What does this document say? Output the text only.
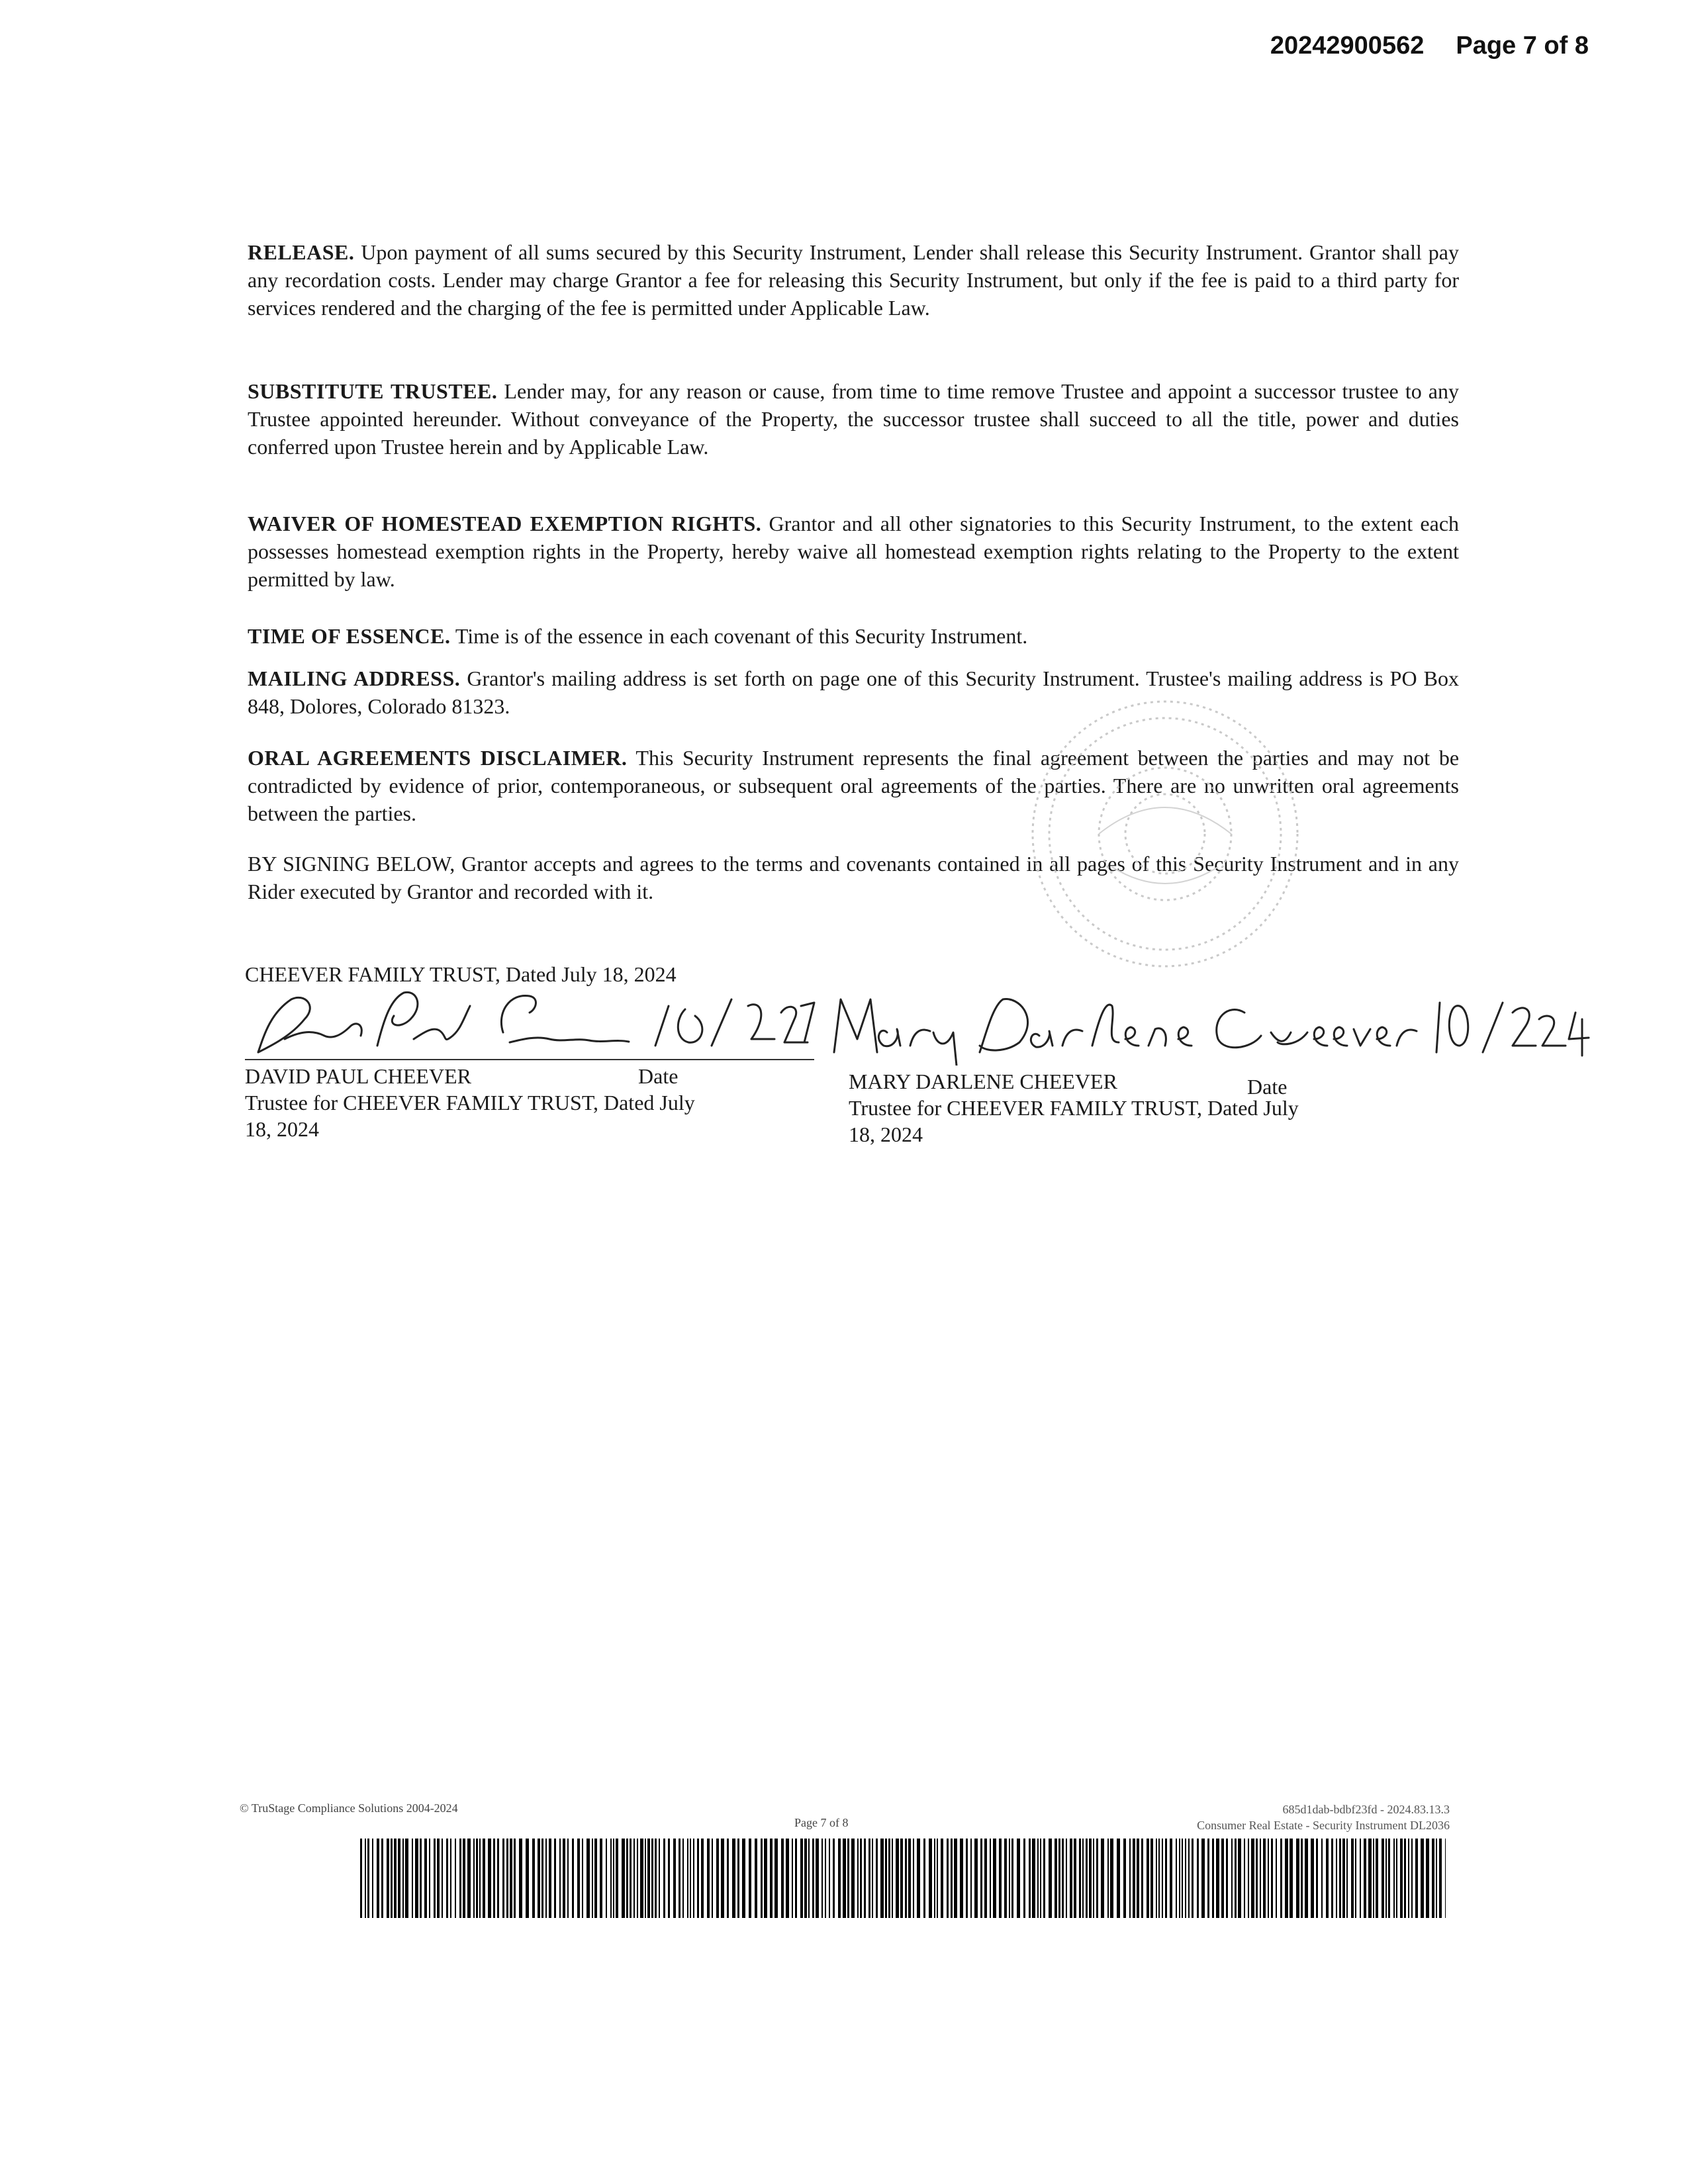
20242900562 Page 7 of 8

RELEASE. Upon payment of all sums secured by this Security Instrument, Lender shall release this Security Instrument. Grantor shall pay any recordation costs. Lender may charge Grantor a fee for releasing this Security Instrument, but only if the fee is paid to a third party for services rendered and the charging of the fee is permitted under Applicable Law.

SUBSTITUTE TRUSTEE. Lender may, for any reason or cause, from time to time remove Trustee and appoint a successor trustee to any Trustee appointed hereunder. Without conveyance of the Property, the successor trustee shall succeed to all the title, power and duties conferred upon Trustee herein and by Applicable Law.

WAIVER OF HOMESTEAD EXEMPTION RIGHTS. Grantor and all other signatories to this Security Instrument, to the extent each possesses homestead exemption rights in the Property, hereby waive all homestead exemption rights relating to the Property to the extent permitted by law.

TIME OF ESSENCE. Time is of the essence in each covenant of this Security Instrument.

MAILING ADDRESS. Grantor's mailing address is set forth on page one of this Security Instrument. Trustee's mailing address is PO Box 848, Dolores, Colorado 81323.

ORAL AGREEMENTS DISCLAIMER. This Security Instrument represents the final agreement between the parties and may not be contradicted by evidence of prior, contemporaneous, or subsequent oral agreements of the parties. There are no unwritten oral agreements between the parties.

BY SIGNING BELOW, Grantor accepts and agrees to the terms and covenants contained in all pages of this Security Instrument and in any Rider executed by Grantor and recorded with it.

CHEEVER FAMILY TRUST, Dated July 18, 2024
DAVID PAUL CHEEVER	Date
Trustee for CHEEVER FAMILY TRUST, Dated July
18, 2024
MARY DARLENE CHEEVER	Date
Trustee for CHEEVER FAMILY TRUST, Dated July
18, 2024
© TruStage Compliance Solutions 2004-2024
Page 7 of 8
685d1dab-bdbf23fd - 2024.83.13.3
Consumer Real Estate - Security Instrument DL2036
